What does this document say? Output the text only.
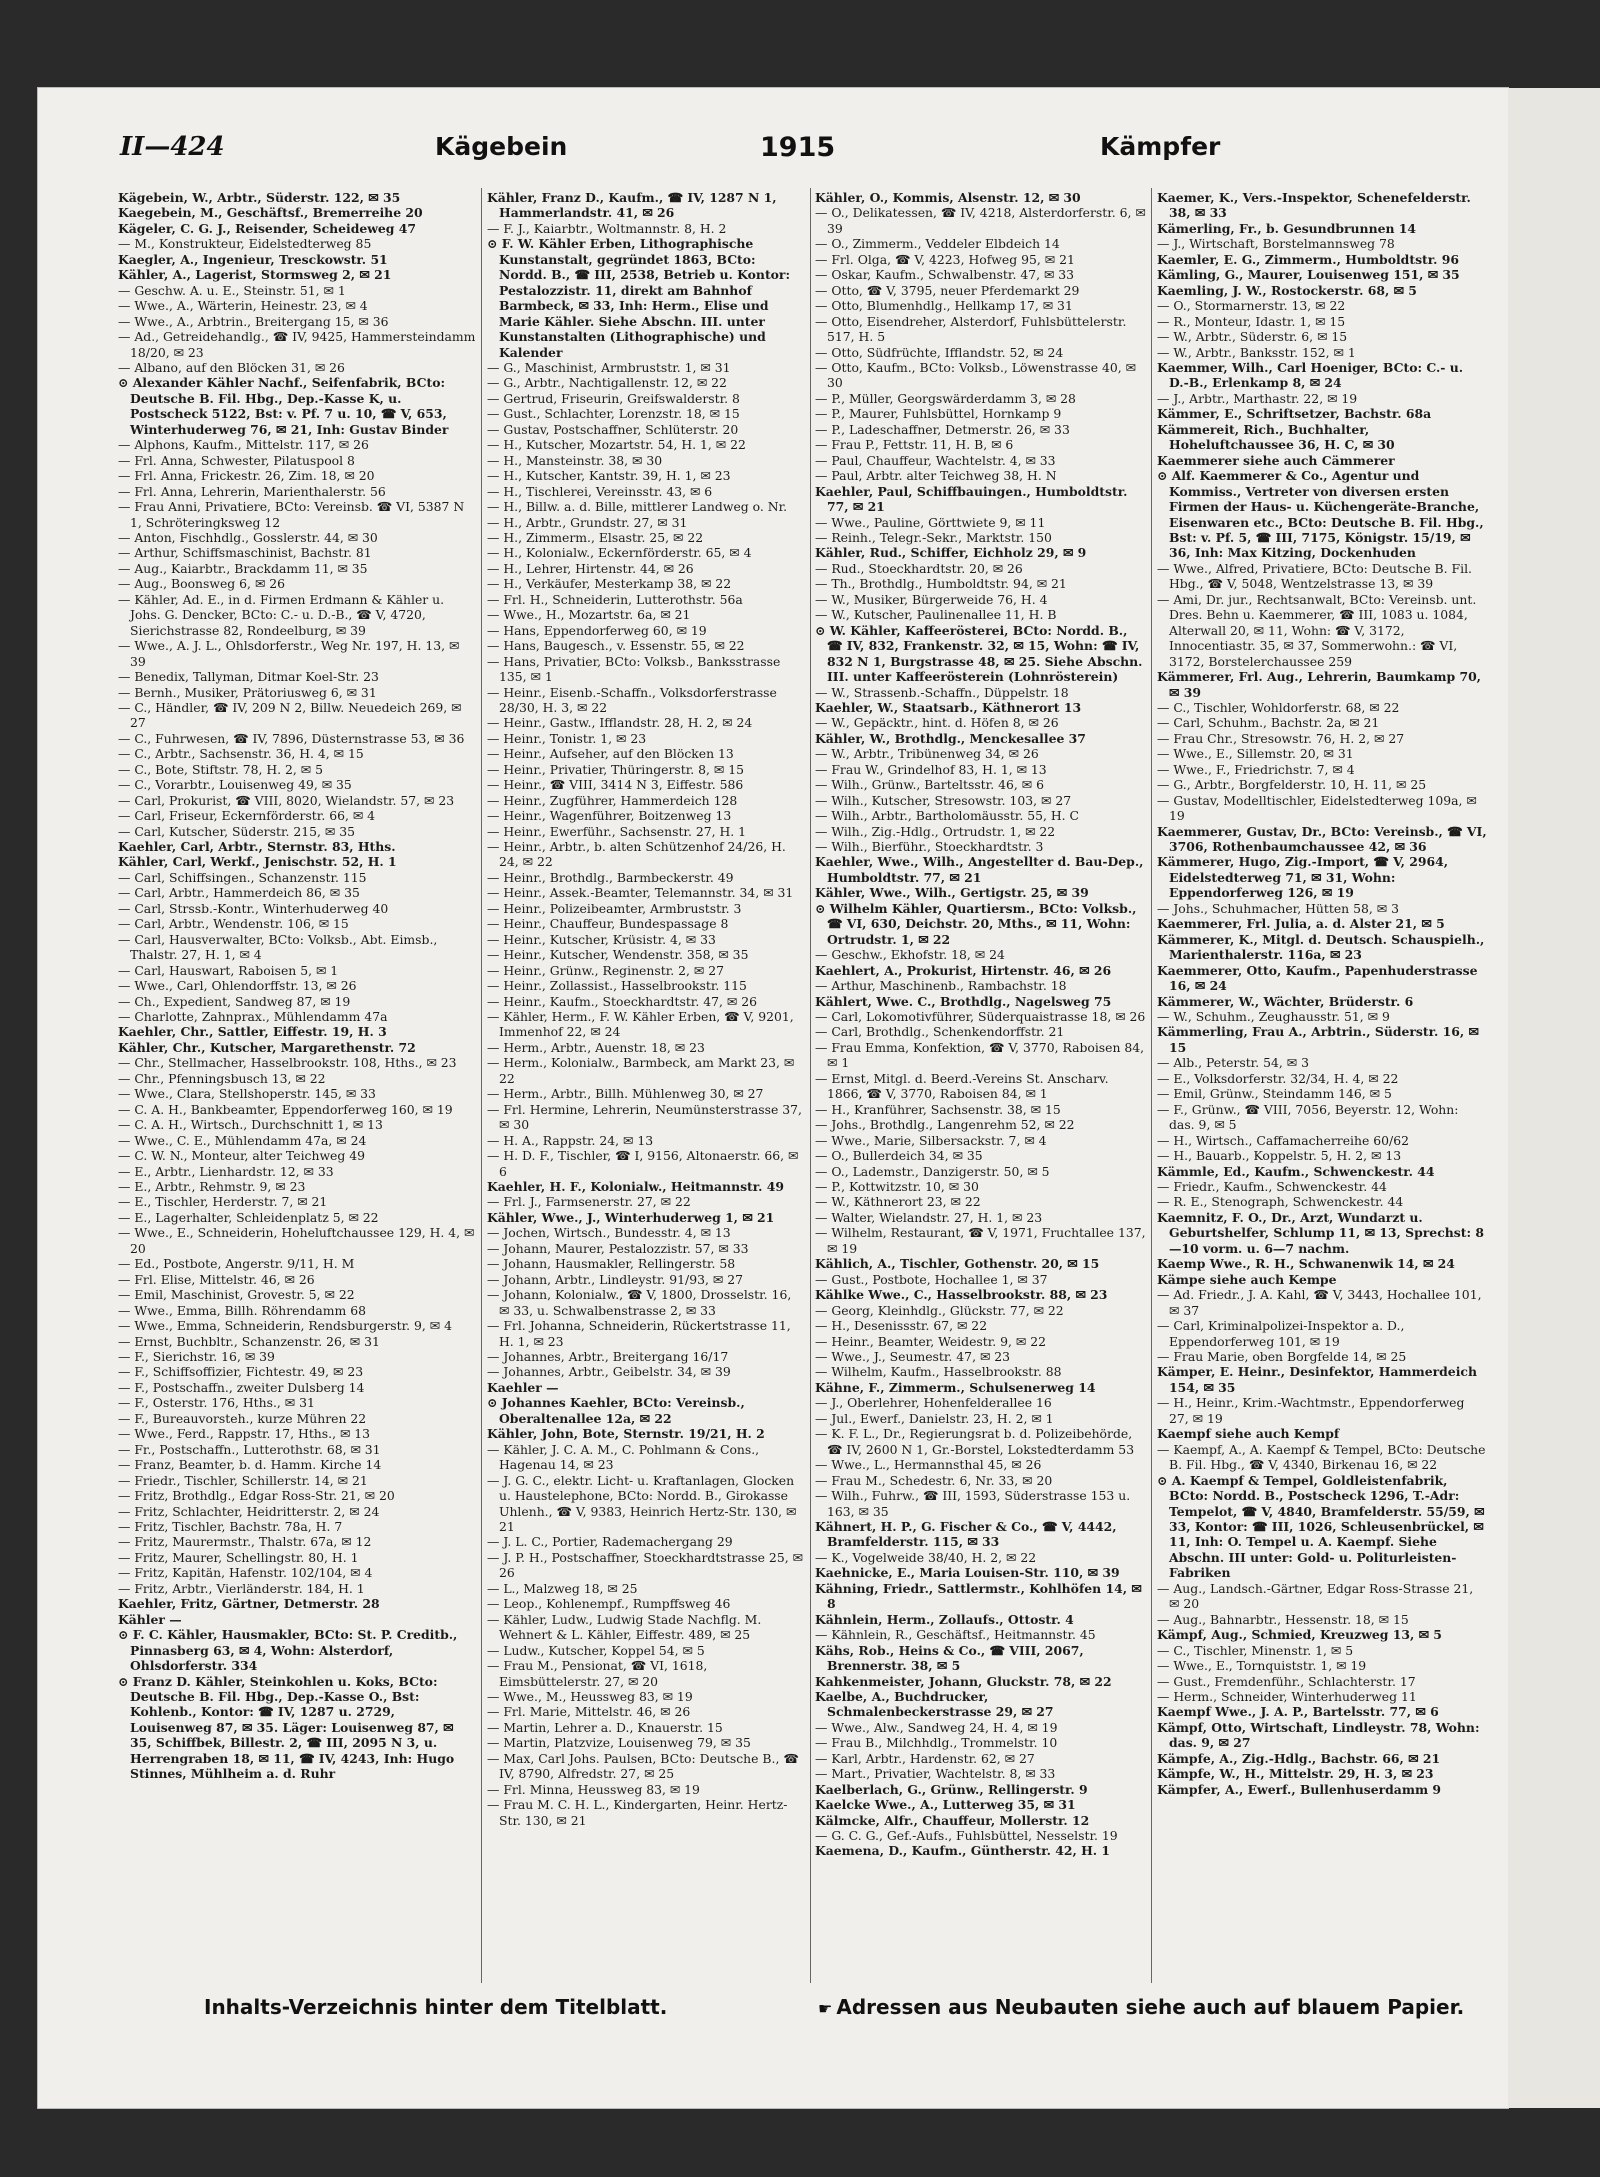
II—424	Kägebein	1915	Kämpfer

Kägebein, W., Arbtr., Süderstr. 122, ✉ 35

Kaegebein, M., Geschäftsf., Bremerreihe 20

Kägeler, C. G. J., Reisender, Scheideweg 47

— M., Konstrukteur, Eidelstedterweg 85

Kaegler, A., Ingenieur, Tresckowstr. 51

Kähler, A., Lagerist, Stormsweg 2, ✉ 21

— Geschw. A. u. E., Steinstr. 51, ✉ 1

— Wwe., A., Wärterin, Heinestr. 23, ✉ 4

— Wwe., A., Arbtrin., Breitergang 15, ✉ 36

— Ad., Getreidehandlg., ☎ IV, 9425, Hammersteindamm 18/20, ✉ 23

— Albano, auf den Blöcken 31, ✉ 26

⊙ Alexander Kähler Nachf., Seifenfabrik, BCto: Deutsche B. Fil. Hbg., Dep.-Kasse K, u. Postscheck 5122, Bst: v. Pf. 7 u. 10, ☎ V, 653, Winterhuderweg 76, ✉ 21, Inh: Gustav Binder

— Alphons, Kaufm., Mittelstr. 117, ✉ 26

— Frl. Anna, Schwester, Pilatuspool 8

— Frl. Anna, Frickestr. 26, Zim. 18, ✉ 20

— Frl. Anna, Lehrerin, Marienthalerstr. 56

— Frau Anni, Privatiere, BCto: Vereinsb. ☎ VI, 5387 N 1, Schröteringksweg 12

— Anton, Fischhdlg., Gosslerstr. 44, ✉ 30

— Arthur, Schiffsmaschinist, Bachstr. 81

— Aug., Kaiarbtr., Brackdamm 11, ✉ 35

— Aug., Boonsweg 6, ✉ 26

— Kähler, Ad. E., in d. Firmen Erdmann & Kähler u. Johs. G. Dencker, BCto: C.- u. D.-B., ☎ V, 4720, Sierichstrasse 82, Rondeelburg, ✉ 39

— Wwe., A. J. L., Ohlsdorferstr., Weg Nr. 197, H. 13, ✉ 39

— Benedix, Tallyman, Ditmar Koel-Str. 23

— Bernh., Musiker, Prätoriusweg 6, ✉ 31

— C., Händler, ☎ IV, 209 N 2, Billw. Neuedeich 269, ✉ 27

— C., Fuhrwesen, ☎ IV, 7896, Düsternstrasse 53, ✉ 36

— C., Arbtr., Sachsenstr. 36, H. 4, ✉ 15

— C., Bote, Stiftstr. 78, H. 2, ✉ 5

— C., Vorarbtr., Louisenweg 49, ✉ 35

— Carl, Prokurist, ☎ VIII, 8020, Wielandstr. 57, ✉ 23

— Carl, Friseur, Eckernförderstr. 66, ✉ 4

— Carl, Kutscher, Süderstr. 215, ✉ 35

Kaehler, Carl, Arbtr., Sternstr. 83, Hths.

Kähler, Carl, Werkf., Jenischstr. 52, H. 1

— Carl, Schiffsingen., Schanzenstr. 115

— Carl, Arbtr., Hammerdeich 86, ✉ 35

— Carl, Strssb.-Kontr., Winterhuderweg 40

— Carl, Arbtr., Wendenstr. 106, ✉ 15

— Carl, Hausverwalter, BCto: Volksb., Abt. Eimsb., Thalstr. 27, H. 1, ✉ 4

— Carl, Hauswart, Raboisen 5, ✉ 1

— Wwe., Carl, Ohlendorffstr. 13, ✉ 26

— Ch., Expedient, Sandweg 87, ✉ 19

— Charlotte, Zahnprax., Mühlendamm 47a

Kaehler, Chr., Sattler, Eiffestr. 19, H. 3

Kähler, Chr., Kutscher, Margarethenstr. 72

— Chr., Stellmacher, Hasselbrookstr. 108, Hths., ✉ 23

— Chr., Pfenningsbusch 13, ✉ 22

— Wwe., Clara, Stellshoperstr. 145, ✉ 33

— C. A. H., Bankbeamter, Eppendorferweg 160, ✉ 19

— C. A. H., Wirtsch., Durchschnitt 1, ✉ 13

— Wwe., C. E., Mühlendamm 47a, ✉ 24

— C. W. N., Monteur, alter Teichweg 49

— E., Arbtr., Lienhardstr. 12, ✉ 33

— E., Arbtr., Rehmstr. 9, ✉ 23

— E., Tischler, Herderstr. 7, ✉ 21

— E., Lagerhalter, Schleidenplatz 5, ✉ 22

— Wwe., E., Schneiderin, Hoheluftchaussee 129, H. 4, ✉ 20

— Ed., Postbote, Angerstr. 9/11, H. M

— Frl. Elise, Mittelstr. 46, ✉ 26

— Emil, Maschinist, Grovestr. 5, ✉ 22

— Wwe., Emma, Billh. Röhrendamm 68

— Wwe., Emma, Schneiderin, Rendsburgerstr. 9, ✉ 4

— Ernst, Buchbltr., Schanzenstr. 26, ✉ 31

— F., Sierichstr. 16, ✉ 39

— F., Schiffsoffizier, Fichtestr. 49, ✉ 23

— F., Postschaffn., zweiter Dulsberg 14

— F., Osterstr. 176, Hths., ✉ 31

— F., Bureauvorsteh., kurze Mühren 22

— Wwe., Ferd., Rappstr. 17, Hths., ✉ 13

— Fr., Postschaffn., Lutterothstr. 68, ✉ 31

— Franz, Beamter, b. d. Hamm. Kirche 14

— Friedr., Tischler, Schillerstr. 14, ✉ 21

— Fritz, Brothdlg., Edgar Ross-Str. 21, ✉ 20

— Fritz, Schlachter, Heidritterstr. 2, ✉ 24

— Fritz, Tischler, Bachstr. 78a, H. 7

— Fritz, Maurermstr., Thalstr. 67a, ✉ 12

— Fritz, Maurer, Schellingstr. 80, H. 1

— Fritz, Kapitän, Hafenstr. 102/104, ✉ 4

— Fritz, Arbtr., Vierländerstr. 184, H. 1

Kaehler, Fritz, Gärtner, Detmerstr. 28

Kähler —

⊙ F. C. Kähler, Hausmakler, BCto: St. P. Creditb., Pinnasberg 63, ✉ 4, Wohn: Alsterdorf, Ohlsdorferstr. 334

⊙ Franz D. Kähler, Steinkohlen u. Koks, BCto: Deutsche B. Fil. Hbg., Dep.-Kasse O., Bst: Kohlenb., Kontor: ☎ IV, 1287 u. 2729, Louisenweg 87, ✉ 35. Läger: Louisenweg 87, ✉ 35, Schiffbek, Billestr. 2, ☎ III, 2095 N 3, u. Herrengraben 18, ✉ 11, ☎ IV, 4243, Inh: Hugo Stinnes, Mühlheim a. d. Ruhr

Kähler, Franz D., Kaufm., ☎ IV, 1287 N 1, Hammerlandstr. 41, ✉ 26

— F. J., Kaiarbtr., Woltmannstr. 8, H. 2

⊙ F. W. Kähler Erben, Lithographische Kunstanstalt, gegründet 1863, BCto: Nordd. B., ☎ III, 2538, Betrieb u. Kontor: Pestalozzistr. 11, direkt am Bahnhof Barmbeck, ✉ 33, Inh: Herm., Elise und Marie Kähler. Siehe Abschn. III. unter Kunstanstalten (Lithographische) und Kalender

— G., Maschinist, Armbruststr. 1, ✉ 31

— G., Arbtr., Nachtigallenstr. 12, ✉ 22

— Gertrud, Friseurin, Greifswalderstr. 8

— Gust., Schlachter, Lorenzstr. 18, ✉ 15

— Gustav, Postschaffner, Schlüterstr. 20

— H., Kutscher, Mozartstr. 54, H. 1, ✉ 22

— H., Mansteinstr. 38, ✉ 30

— H., Kutscher, Kantstr. 39, H. 1, ✉ 23

— H., Tischlerei, Vereinsstr. 43, ✉ 6

— H., Billw. a. d. Bille, mittlerer Landweg o. Nr.

— H., Arbtr., Grundstr. 27, ✉ 31

— H., Zimmerm., Elsastr. 25, ✉ 22

— H., Kolonialw., Eckernförderstr. 65, ✉ 4

— H., Lehrer, Hirtenstr. 44, ✉ 26

— H., Verkäufer, Mesterkamp 38, ✉ 22

— Frl. H., Schneiderin, Lutterothstr. 56a

— Wwe., H., Mozartstr. 6a, ✉ 21

— Hans, Eppendorferweg 60, ✉ 19

— Hans, Baugesch., v. Essenstr. 55, ✉ 22

— Hans, Privatier, BCto: Volksb., Banksstrasse 135, ✉ 1

— Heinr., Eisenb.-Schaffn., Volksdorferstrasse 28/30, H. 3, ✉ 22

— Heinr., Gastw., Ifflandstr. 28, H. 2, ✉ 24

— Heinr., Tonistr. 1, ✉ 23

— Heinr., Aufseher, auf den Blöcken 13

— Heinr., Privatier, Thüringerstr. 8, ✉ 15

— Heinr., ☎ VIII, 3414 N 3, Eiffestr. 586

— Heinr., Zugführer, Hammerdeich 128

— Heinr., Wagenführer, Boitzenweg 13

— Heinr., Ewerführ., Sachsenstr. 27, H. 1

— Heinr., Arbtr., b. alten Schützenhof 24/26, H. 24, ✉ 22

— Heinr., Brothdlg., Barmbeckerstr. 49

— Heinr., Assek.-Beamter, Telemannstr. 34, ✉ 31

— Heinr., Polizeibeamter, Armbruststr. 3

— Heinr., Chauffeur, Bundespassage 8

— Heinr., Kutscher, Krüsistr. 4, ✉ 33

— Heinr., Kutscher, Wendenstr. 358, ✉ 35

— Heinr., Grünw., Reginenstr. 2, ✉ 27

— Heinr., Zollassist., Hasselbrookstr. 115

— Heinr., Kaufm., Stoeckhardtstr. 47, ✉ 26

— Kähler, Herm., F. W. Kähler Erben, ☎ V, 9201, Immenhof 22, ✉ 24

— Herm., Arbtr., Auenstr. 18, ✉ 23

— Herm., Kolonialw., Barmbeck, am Markt 23, ✉ 22

— Herm., Arbtr., Billh. Mühlenweg 30, ✉ 27

— Frl. Hermine, Lehrerin, Neumünsterstrasse 37, ✉ 30

— H. A., Rappstr. 24, ✉ 13

— H. D. F., Tischler, ☎ I, 9156, Altonaerstr. 66, ✉ 6

Kaehler, H. F., Kolonialw., Heitmannstr. 49

— Frl. J., Farmsenerstr. 27, ✉ 22

Kähler, Wwe., J., Winterhuderweg 1, ✉ 21

— Jochen, Wirtsch., Bundesstr. 4, ✉ 13

— Johann, Maurer, Pestalozzistr. 57, ✉ 33

— Johann, Hausmakler, Rellingerstr. 58

— Johann, Arbtr., Lindleystr. 91/93, ✉ 27

— Johann, Kolonialw., ☎ V, 1800, Drosselstr. 16, ✉ 33, u. Schwalbenstrasse 2, ✉ 33

— Frl. Johanna, Schneiderin, Rückertstrasse 11, H. 1, ✉ 23

— Johannes, Arbtr., Breitergang 16/17

— Johannes, Arbtr., Geibelstr. 34, ✉ 39

Kaehler —

⊙ Johannes Kaehler, BCto: Vereinsb., Oberaltenallee 12a, ✉ 22

Kähler, John, Bote, Sternstr. 19/21, H. 2

— Kähler, J. C. A. M., C. Pohlmann & Cons., Hagenau 14, ✉ 23

— J. G. C., elektr. Licht- u. Kraftanlagen, Glocken u. Haustelephone, BCto: Nordd. B., Girokasse Uhlenh., ☎ V, 9383, Heinrich Hertz-Str. 130, ✉ 21

— J. L. C., Portier, Rademachergang 29

— J. P. H., Postschaffner, Stoeckhardtstrasse 25, ✉ 26

— L., Malzweg 18, ✉ 25

— Leop., Kohlenempf., Rumpffsweg 46

— Kähler, Ludw., Ludwig Stade Nachflg. M. Wehnert & L. Kähler, Eiffestr. 489, ✉ 25

— Ludw., Kutscher, Koppel 54, ✉ 5

— Frau M., Pensionat, ☎ VI, 1618, Eimsbüttelerstr. 27, ✉ 20

— Wwe., M., Heussweg 83, ✉ 19

— Frl. Marie, Mittelstr. 46, ✉ 26

— Martin, Lehrer a. D., Knauerstr. 15

— Martin, Platzvize, Louisenweg 79, ✉ 35

— Max, Carl Johs. Paulsen, BCto: Deutsche B., ☎ IV, 8790, Alfredstr. 27, ✉ 25

— Frl. Minna, Heussweg 83, ✉ 19

— Frau M. C. H. L., Kindergarten, Heinr. Hertz-Str. 130, ✉ 21

Kähler, O., Kommis, Alsenstr. 12, ✉ 30

— O., Delikatessen, ☎ IV, 4218, Alsterdorferstr. 6, ✉ 39

— O., Zimmerm., Veddeler Elbdeich 14

— Frl. Olga, ☎ V, 4223, Hofweg 95, ✉ 21

— Oskar, Kaufm., Schwalbenstr. 47, ✉ 33

— Otto, ☎ V, 3795, neuer Pferdemarkt 29

— Otto, Blumenhdlg., Hellkamp 17, ✉ 31

— Otto, Eisendreher, Alsterdorf, Fuhlsbüttelerstr. 517, H. 5

— Otto, Südfrüchte, Ifflandstr. 52, ✉ 24

— Otto, Kaufm., BCto: Volksb., Löwenstrasse 40, ✉ 30

— P., Müller, Georgswärderdamm 3, ✉ 28

— P., Maurer, Fuhlsbüttel, Hornkamp 9

— P., Ladeschaffner, Detmerstr. 26, ✉ 33

— Frau P., Fettstr. 11, H. B, ✉ 6

— Paul, Chauffeur, Wachtelstr. 4, ✉ 33

— Paul, Arbtr. alter Teichweg 38, H. N

Kaehler, Paul, Schiffbauingen., Humboldtstr. 77, ✉ 21

— Wwe., Pauline, Görttwiete 9, ✉ 11

— Reinh., Telegr.-Sekr., Marktstr. 150

Kähler, Rud., Schiffer, Eichholz 29, ✉ 9

— Rud., Stoeckhardtstr. 20, ✉ 26

— Th., Brothdlg., Humboldtstr. 94, ✉ 21

— W., Musiker, Bürgerweide 76, H. 4

— W., Kutscher, Paulinenallee 11, H. B

⊙ W. Kähler, Kaffeerösterei, BCto: Nordd. B., ☎ IV, 832, Frankenstr. 32, ✉ 15, Wohn: ☎ IV, 832 N 1, Burgstrasse 48, ✉ 25. Siehe Abschn. III. unter Kaffeerösterein (Lohnrösterein)

— W., Strassenb.-Schaffn., Düppelstr. 18

Kaehler, W., Staatsarb., Käthnerort 13

— W., Gepäcktr., hint. d. Höfen 8, ✉ 26

Kähler, W., Brothdlg., Menckesallee 37

— W., Arbtr., Tribünenweg 34, ✉ 26

— Frau W., Grindelhof 83, H. 1, ✉ 13

— Wilh., Grünw., Barteltsstr. 46, ✉ 6

— Wilh., Kutscher, Stresowstr. 103, ✉ 27

— Wilh., Arbtr., Bartholomäusstr. 55, H. C

— Wilh., Zig.-Hdlg., Ortrudstr. 1, ✉ 22

— Wilh., Bierführ., Stoeckhardtstr. 3

Kaehler, Wwe., Wilh., Angestellter d. Bau-Dep., Humboldtstr. 77, ✉ 21

Kähler, Wwe., Wilh., Gertigstr. 25, ✉ 39

⊙ Wilhelm Kähler, Quartiersm., BCto: Volksb., ☎ VI, 630, Deichstr. 20, Mths., ✉ 11, Wohn: Ortrudstr. 1, ✉ 22

— Geschw., Ekhofstr. 18, ✉ 24

Kaehlert, A., Prokurist, Hirtenstr. 46, ✉ 26

— Arthur, Maschinenb., Rambachstr. 18

Kählert, Wwe. C., Brothdlg., Nagelsweg 75

— Carl, Lokomotivführer, Süderquaistrasse 18, ✉ 26

— Carl, Brothdlg., Schenkendorffstr. 21

— Frau Emma, Konfektion, ☎ V, 3770, Raboisen 84, ✉ 1

— Ernst, Mitgl. d. Beerd.-Vereins St. Anscharv. 1866, ☎ V, 3770, Raboisen 84, ✉ 1

— H., Kranführer, Sachsenstr. 38, ✉ 15

— Johs., Brothdlg., Langenrehm 52, ✉ 22

— Wwe., Marie, Silbersackstr. 7, ✉ 4

— O., Bullerdeich 34, ✉ 35

— O., Lademstr., Danzigerstr. 50, ✉ 5

— P., Kottwitzstr. 10, ✉ 30

— W., Käthnerort 23, ✉ 22

— Walter, Wielandstr. 27, H. 1, ✉ 23

— Wilhelm, Restaurant, ☎ V, 1971, Fruchtallee 137, ✉ 19

Kählich, A., Tischler, Gothenstr. 20, ✉ 15

— Gust., Postbote, Hochallee 1, ✉ 37

Kählke Wwe., C., Hasselbrookstr. 88, ✉ 23

— Georg, Kleinhdlg., Glückstr. 77, ✉ 22

— H., Desenissstr. 67, ✉ 22

— Heinr., Beamter, Weidestr. 9, ✉ 22

— Wwe., J., Seumestr. 47, ✉ 23

— Wilhelm, Kaufm., Hasselbrookstr. 88

Kähne, F., Zimmerm., Schulsenerweg 14

— J., Oberlehrer, Hohenfelderallee 16

— Jul., Ewerf., Danielstr. 23, H. 2, ✉ 1

— K. F. L., Dr., Regierungsrat b. d. Polizeibehörde, ☎ IV, 2600 N 1, Gr.-Borstel, Lokstedterdamm 53

— Wwe., L., Hermannsthal 45, ✉ 26

— Frau M., Schedestr. 6, Nr. 33, ✉ 20

— Wilh., Fuhrw., ☎ III, 1593, Süderstrasse 153 u. 163, ✉ 35

Kähnert, H. P., G. Fischer & Co., ☎ V, 4442, Bramfelderstr. 115, ✉ 33

— K., Vogelweide 38/40, H. 2, ✉ 22

Kaehnicke, E., Maria Louisen-Str. 110, ✉ 39

Kähning, Friedr., Sattlermstr., Kohlhöfen 14, ✉ 8

Kähnlein, Herm., Zollaufs., Ottostr. 4

— Kähnlein, R., Geschäftsf., Heitmannstr. 45

Kähs, Rob., Heins & Co., ☎ VIII, 2067, Brennerstr. 38, ✉ 5

Kahkenmeister, Johann, Gluckstr. 78, ✉ 22

Kaelbe, A., Buchdrucker, Schmalenbeckerstrasse 29, ✉ 27

— Wwe., Alw., Sandweg 24, H. 4, ✉ 19

— Frau B., Milchhdlg., Trommelstr. 10

— Karl, Arbtr., Hardenstr. 62, ✉ 27

— Mart., Privatier, Wachtelstr. 8, ✉ 33

Kaelberlach, G., Grünw., Rellingerstr. 9

Kaelcke Wwe., A., Lutterweg 35, ✉ 31

Kälmcke, Alfr., Chauffeur, Mollerstr. 12

— G. C. G., Gef.-Aufs., Fuhlsbüttel, Nesselstr. 19

Kaemena, D., Kaufm., Güntherstr. 42, H. 1

Kaemer, K., Vers.-Inspektor, Schenefelderstr. 38, ✉ 33

Kämerling, Fr., b. Gesundbrunnen 14

— J., Wirtschaft, Borstelmannsweg 78

Kaemler, E. G., Zimmerm., Humboldtstr. 96

Kämling, G., Maurer, Louisenweg 151, ✉ 35

Kaemling, J. W., Rostockerstr. 68, ✉ 5

— O., Stormarnerstr. 13, ✉ 22

— R., Monteur, Idastr. 1, ✉ 15

— W., Arbtr., Süderstr. 6, ✉ 15

— W., Arbtr., Banksstr. 152, ✉ 1

Kaemmer, Wilh., Carl Hoeniger, BCto: C.- u. D.-B., Erlenkamp 8, ✉ 24

— J., Arbtr., Marthastr. 22, ✉ 19

Kämmer, E., Schriftsetzer, Bachstr. 68a

Kämmereit, Rich., Buchhalter, Hoheluftchaussee 36, H. C, ✉ 30

Kaemmerer siehe auch Cämmerer

⊙ Alf. Kaemmerer & Co., Agentur und Kommiss., Vertreter von diversen ersten Firmen der Haus- u. Küchengeräte-Branche, Eisenwaren etc., BCto: Deutsche B. Fil. Hbg., Bst: v. Pf. 5, ☎ III, 7175, Königstr. 15/19, ✉ 36, Inh: Max Kitzing, Dockenhuden

— Wwe., Alfred, Privatiere, BCto: Deutsche B. Fil. Hbg., ☎ V, 5048, Wentzelstrasse 13, ✉ 39

— Ami, Dr. jur., Rechtsanwalt, BCto: Vereinsb. unt. Dres. Behn u. Kaemmerer, ☎ III, 1083 u. 1084, Alterwall 20, ✉ 11, Wohn: ☎ V, 3172, Innocentiastr. 35, ✉ 37, Sommerwohn.: ☎ VI, 3172, Borstelerchaussee 259

Kämmerer, Frl. Aug., Lehrerin, Baumkamp 70, ✉ 39

— C., Tischler, Wohldorferstr. 68, ✉ 22

— Carl, Schuhm., Bachstr. 2a, ✉ 21

— Frau Chr., Stresowstr. 76, H. 2, ✉ 27

— Wwe., E., Sillemstr. 20, ✉ 31

— Wwe., F., Friedrichstr. 7, ✉ 4

— G., Arbtr., Borgfelderstr. 10, H. 11, ✉ 25

— Gustav, Modelltischler, Eidelstedterweg 109a, ✉ 19

Kaemmerer, Gustav, Dr., BCto: Vereinsb., ☎ VI, 3706, Rothenbaumchaussee 42, ✉ 36

Kämmerer, Hugo, Zig.-Import, ☎ V, 2964, Eidelstedterweg 71, ✉ 31, Wohn: Eppendorferweg 126, ✉ 19

— Johs., Schuhmacher, Hütten 58, ✉ 3

Kaemmerer, Frl. Julia, a. d. Alster 21, ✉ 5

Kämmerer, K., Mitgl. d. Deutsch. Schauspielh., Marienthalerstr. 116a, ✉ 23

Kaemmerer, Otto, Kaufm., Papenhuderstrasse 16, ✉ 24

Kämmerer, W., Wächter, Brüderstr. 6

— W., Schuhm., Zeughausstr. 51, ✉ 9

Kämmerling, Frau A., Arbtrin., Süderstr. 16, ✉ 15

— Alb., Peterstr. 54, ✉ 3

— E., Volksdorferstr. 32/34, H. 4, ✉ 22

— Emil, Grünw., Steindamm 146, ✉ 5

— F., Grünw., ☎ VIII, 7056, Beyerstr. 12, Wohn: das. 9, ✉ 5

— H., Wirtsch., Caffamacherreihe 60/62

— H., Bauarb., Koppelstr. 5, H. 2, ✉ 13

Kämmle, Ed., Kaufm., Schwenckestr. 44

— Friedr., Kaufm., Schwenckestr. 44

— R. E., Stenograph, Schwenckestr. 44

Kaemnitz, F. O., Dr., Arzt, Wundarzt u. Geburtshelfer, Schlump 11, ✉ 13, Sprechst: 8—10 vorm. u. 6—7 nachm.

Kaemp Wwe., R. H., Schwanenwik 14, ✉ 24

Kämpe siehe auch Kempe

— Ad. Friedr., J. A. Kahl, ☎ V, 3443, Hochallee 101, ✉ 37

— Carl, Kriminalpolizei-Inspektor a. D., Eppendorferweg 101, ✉ 19

— Frau Marie, oben Borgfelde 14, ✉ 25

Kämper, E. Heinr., Desinfektor, Hammerdeich 154, ✉ 35

— H., Heinr., Krim.-Wachtmstr., Eppendorferweg 27, ✉ 19

Kaempf siehe auch Kempf

— Kaempf, A., A. Kaempf & Tempel, BCto: Deutsche B. Fil. Hbg., ☎ V, 4340, Birkenau 16, ✉ 22

⊙ A. Kaempf & Tempel, Goldleistenfabrik, BCto: Nordd. B., Postscheck 1296, T.-Adr: Tempelot, ☎ V, 4840, Bramfelderstr. 55/59, ✉ 33, Kontor: ☎ III, 1026, Schleusenbrückel, ✉ 11, Inh: O. Tempel u. A. Kaempf. Siehe Abschn. III unter: Gold- u. Politurleisten-Fabriken

— Aug., Landsch.-Gärtner, Edgar Ross-Strasse 21, ✉ 20

— Aug., Bahnarbtr., Hessenstr. 18, ✉ 15

Kämpf, Aug., Schmied, Kreuzweg 13, ✉ 5

— C., Tischler, Minenstr. 1, ✉ 5

— Wwe., E., Tornquiststr. 1, ✉ 19

— Gust., Fremdenführ., Schlachterstr. 17

— Herm., Schneider, Winterhuderweg 11

Kaempf Wwe., J. A. P., Bartelsstr. 77, ✉ 6

Kämpf, Otto, Wirtschaft, Lindleystr. 78, Wohn: das. 9, ✉ 27

Kämpfe, A., Zig.-Hdlg., Bachstr. 66, ✉ 21

Kämpfe, W., H., Mittelstr. 29, H. 3, ✉ 23

Kämpfer, A., Ewerf., Bullenhuserdamm 9

Inhalts-Verzeichnis hinter dem Titelblatt.	☛ Adressen aus Neubauten siehe auch auf blauem Papier.
